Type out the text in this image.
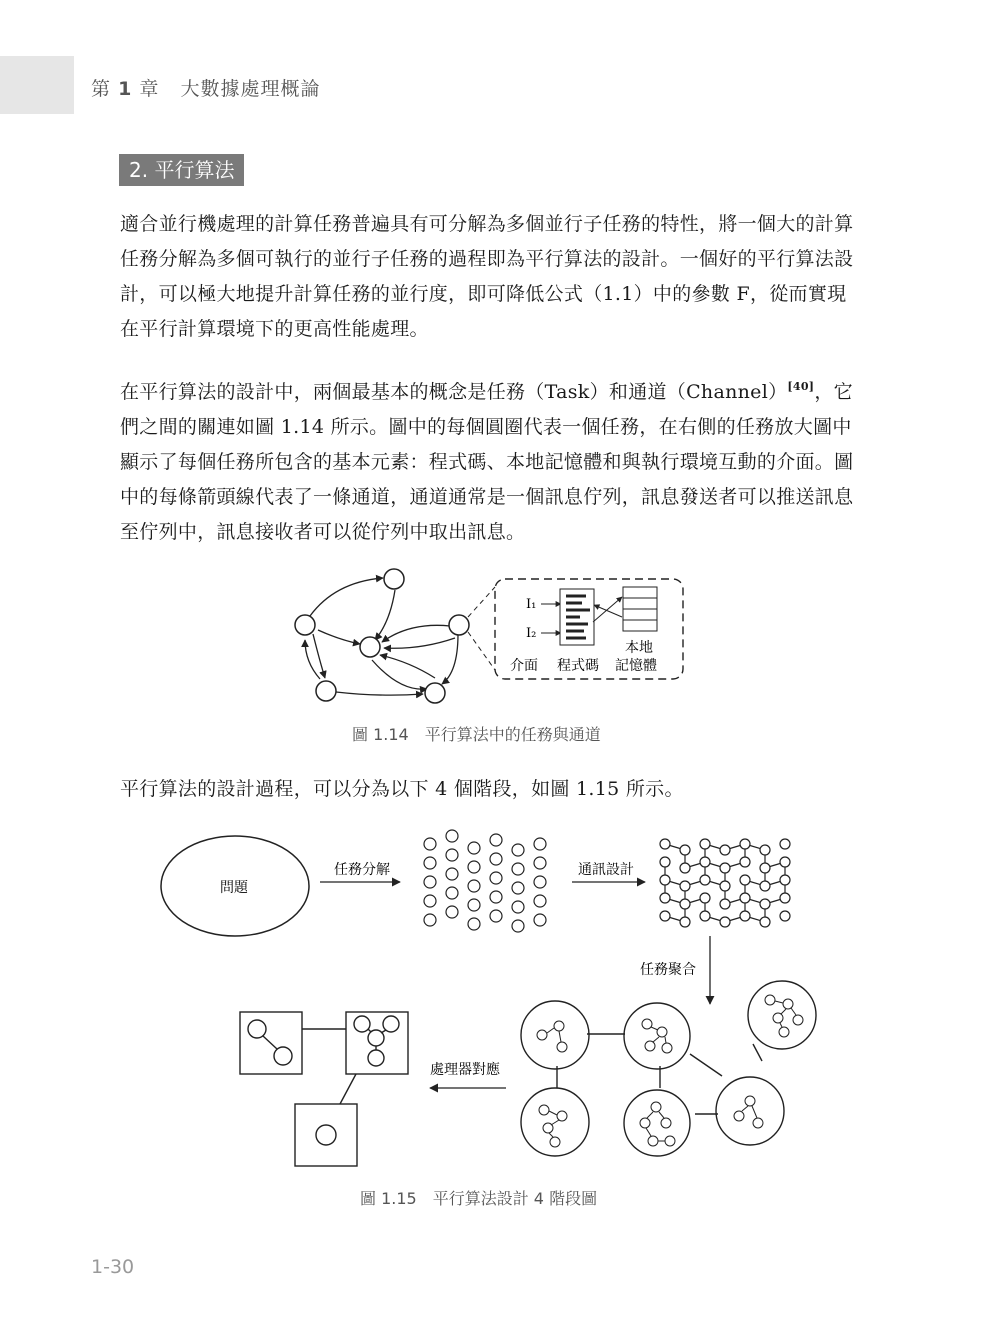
第 1 章 大數據處理概論
2. 平行算法

適合並行機處理的計算任務普遍具有可分解為多個並行子任務的特性，將一個大的計算任務分解為多個可執行的並行子任務的過程即為平行算法的設計。一個好的平行算法設計，可以極大地提升計算任務的並行度，即可降低公式（1.1）中的參數 F，從而實現在平行計算環境下的更高性能處理。

在平行算法的設計中，兩個最基本的概念是任務（Task）和通道（Channel）[40]，它們之間的關連如圖 1.14 所示。圖中的每個圓圈代表一個任務，在右側的任務放大圖中顯示了每個任務所包含的基本元素：程式碼、本地記憶體和與執行環境互動的介面。圖中的每條箭頭線代表了一條通道，通道通常是一個訊息佇列，訊息發送者可以推送訊息至佇列中，訊息接收者可以從佇列中取出訊息。

I₁
I₂
本地
介面 程式碼 記憶體
圖 1.14　平行算法中的任務與通道

平行算法的設計過程，可以分為以下 4 個階段，如圖 1.15 所示。

問題
任務分解	通訊設計
任務聚合
處理器對應
圖 1.15　平行算法設計 4 階段圖
1-30
